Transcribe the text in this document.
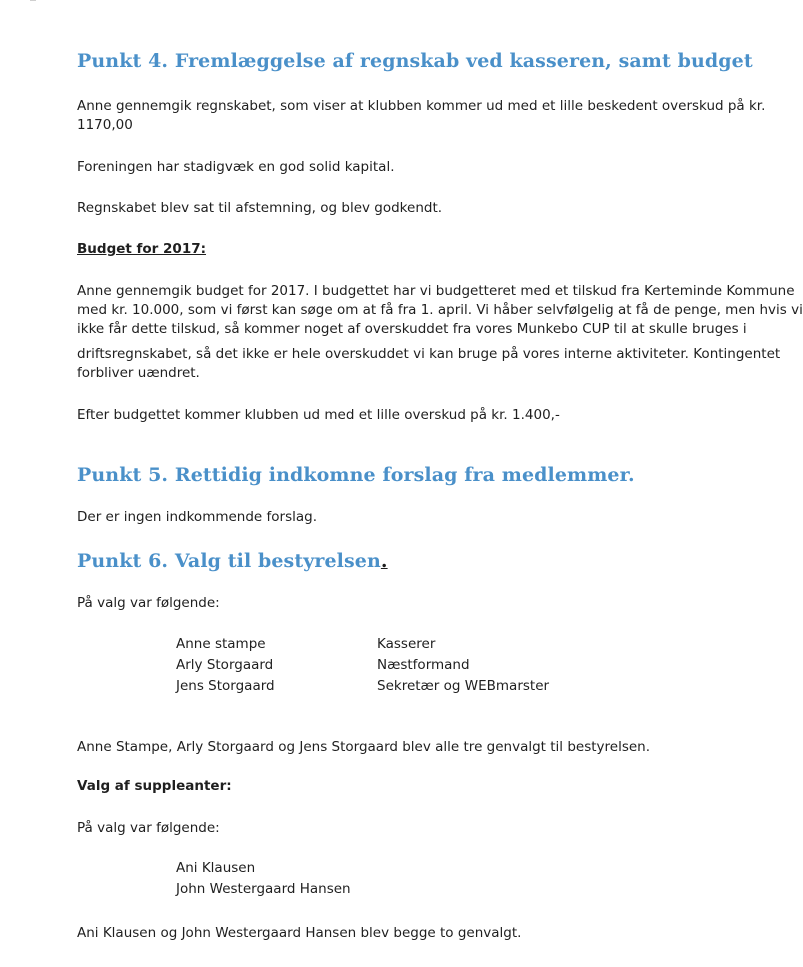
Punkt 4. Fremlæggelse af regnskab ved kasseren, samt budget

Anne gennemgik regnskabet, som viser at klubben kommer ud med et lille beskedent overskud på kr.

1170,00

Foreningen har stadigvæk en god solid kapital.

Regnskabet blev sat til afstemning, og blev godkendt.

Budget for 2017:

Anne gennemgik budget for 2017. I budgettet har vi budgetteret med et tilskud fra Kerteminde Kommune

med kr. 10.000, som vi først kan søge om at få fra 1. april. Vi håber selvfølgelig at få de penge, men hvis vi

ikke får dette tilskud, så kommer noget af overskuddet fra vores Munkebo CUP til at skulle bruges i

driftsregnskabet, så det ikke er hele overskuddet vi kan bruge på vores interne aktiviteter. Kontingentet

forbliver uændret.

Efter budgettet kommer klubben ud med et lille overskud på kr. 1.400,-

Punkt 5. Rettidig indkomne forslag fra medlemmer.

Der er ingen indkommende forslag.

Punkt 6. Valg til bestyrelsen.

På valg var følgende:

Anne stampe	Kasserer
Arly Storgaard	Næstformand
Jens Storgaard	Sekretær og WEBmarster

Anne Stampe, Arly Storgaard og Jens Storgaard blev alle tre genvalgt til bestyrelsen.

Valg af suppleanter:

På valg var følgende:

Ani Klausen
John Westergaard Hansen

Ani Klausen og John Westergaard Hansen blev begge to genvalgt.
